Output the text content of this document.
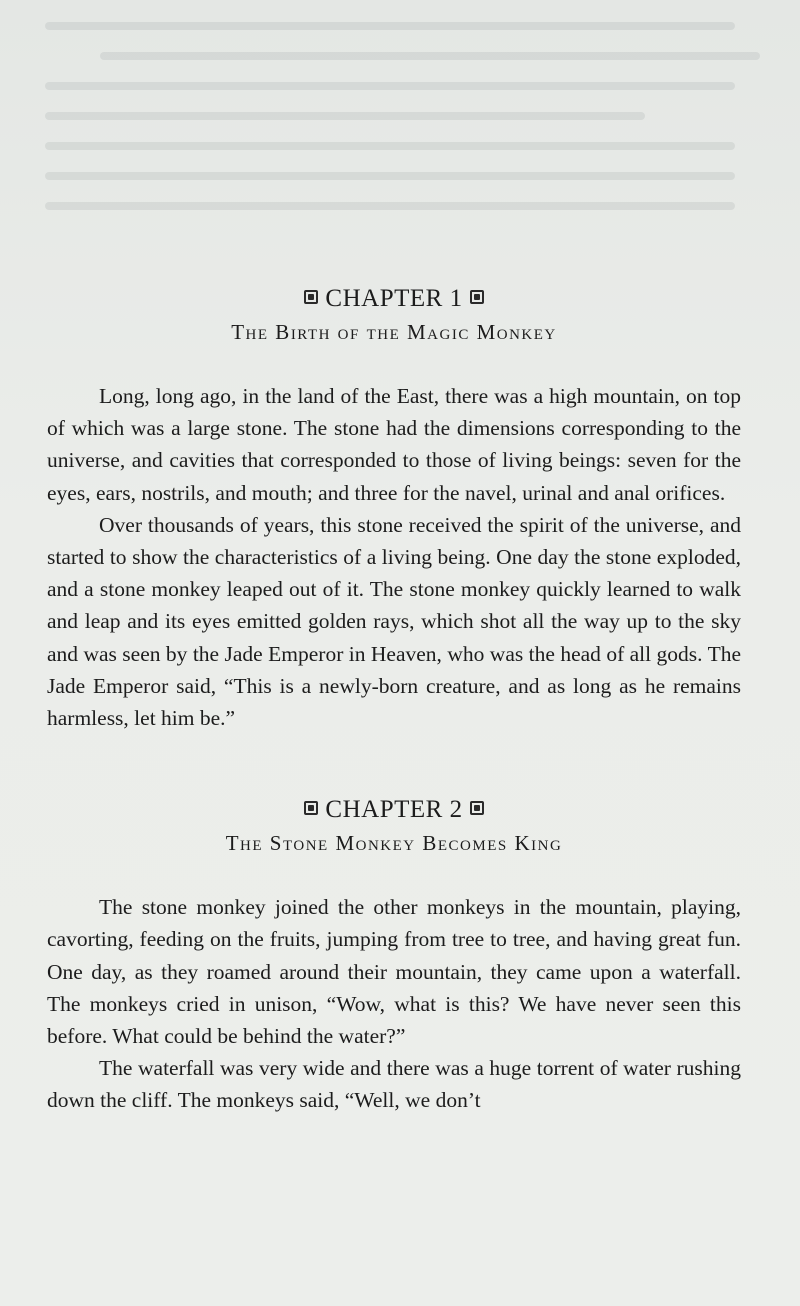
CHAPTER 1
The Birth of the Magic Monkey

Long, long ago, in the land of the East, there was a high mountain, on top of which was a large stone. The stone had the dimensions corresponding to the universe, and cavities that corresponded to those of living beings: seven for the eyes, ears, nostrils, and mouth; and three for the navel, urinal and anal orifices.

Over thousands of years, this stone received the spirit of the universe, and started to show the characteristics of a living being. One day the stone exploded, and a stone monkey leaped out of it. The stone monkey quickly learned to walk and leap and its eyes emitted golden rays, which shot all the way up to the sky and was seen by the Jade Emperor in Heaven, who was the head of all gods. The Jade Emperor said, “This is a newly-born creature, and as long as he remains harmless, let him be.”

CHAPTER 2
The Stone Monkey Becomes King

The stone monkey joined the other monkeys in the mountain, playing, cavorting, feeding on the fruits, jumping from tree to tree, and having great fun. One day, as they roamed around their mountain, they came upon a waterfall. The monkeys cried in unison, “Wow, what is this? We have never seen this before. What could be behind the water?”

The waterfall was very wide and there was a huge torrent of water rushing down the cliff. The monkeys said, “Well, we don’t
